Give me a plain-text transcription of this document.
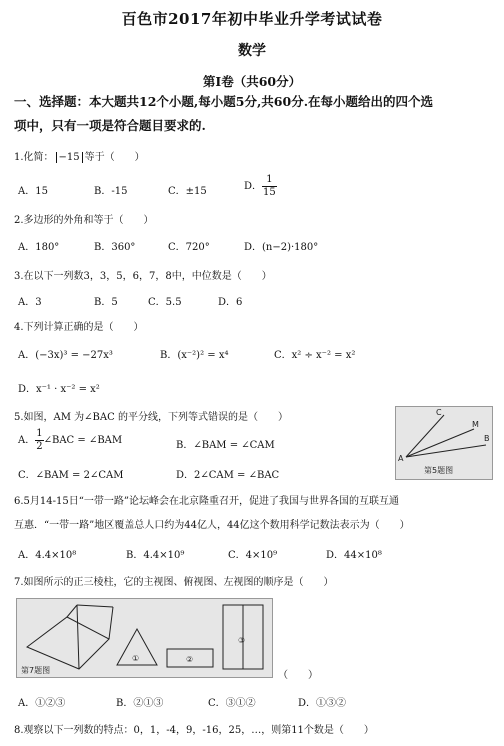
百色市2017年初中毕业升学考试试卷
数学
第Ⅰ卷（共60分）
一、选择题：本大题共12个小题,每小题5分,共60分.在每小题给出的四个选
项中，只有一项是符合题目要求的.
1.化简： −15 等于（　　）
A．15	B．-15	C．±15	D． $\frac{1}{15}$
2.多边形的外角和等于（　　）
A．180°	B．360°	C．720°	D．(n−2)·180°
3.在以下一列数3，3，5，6，7，8中，中位数是（　　）
A．3	B．5	C．5.5	D．6
4.下列计算正确的是（　　）
A．(−3x)³ = −27x³	B．(x⁻²)² = x⁴	C．x² ÷ x⁻² = x²
D．x⁻¹ · x⁻² = x²
5.如图，AM 为∠BAC 的平分线，下列等式错误的是（　　）
A． $\frac{1}{2}$ ∠BAC = ∠BAM	B．∠BAM = ∠CAM
C．∠BAM = 2∠CAM	D．2∠CAM = ∠BAC
A
C
M
B
第5题图
6.5月14-15日“一带一路”论坛峰会在北京隆重召开，促进了我国与世界各国的互联互通
互惠．“一带一路”地区覆盖总人口约为44亿人，44亿这个数用科学记数法表示为（　　）
A．4.4×10⁸	B．4.4×10⁹	C．4×10⁹	D．44×10⁸
7.如图所示的正三棱柱，它的主视图、俯视图、左视图的顺序是（　　）
①	②
③
第7题图	（　　）
A．①②③	B．②①③	C．③①②	D．①③②
8.观察以下一列数的特点：0，1，-4，9，-16，25，…，则第11个数是（　　）
